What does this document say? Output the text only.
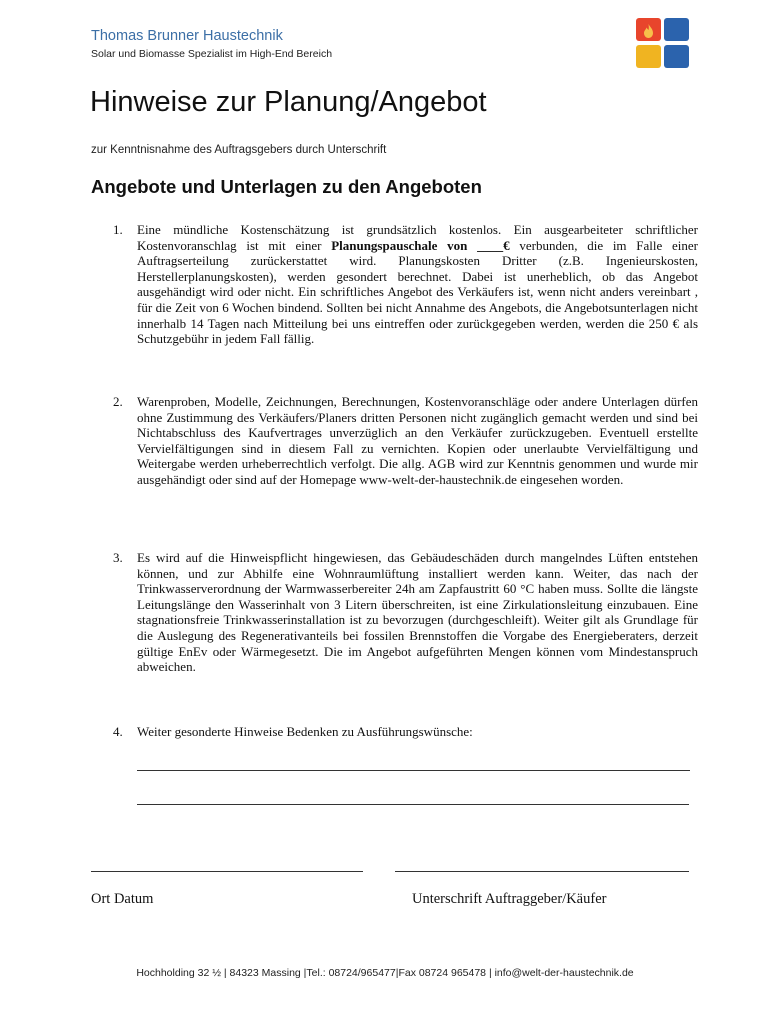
Thomas Brunner Haustechnik
Solar und Biomasse Spezialist im High-End Bereich
TBH
Hinweise zur Planung/Angebot
zur Kenntnisnahme des Auftragsgebers durch Unterschrift
Angebote und Unterlagen zu den Angeboten
1. Eine mündliche Kostenschätzung ist grundsätzlich kostenlos. Ein ausgearbeiteter schriftlicher Kostenvoranschlag ist mit einer Planungspauschale von ____€ verbunden, die im Falle einer Auftragserteilung zurückerstattet wird. Planungskosten Dritter (z.B. Ingenieurskosten, Herstellerplanungskosten), werden gesondert berechnet. Dabei ist unerheblich, ob das Angebot ausgehändigt wird oder nicht. Ein schriftliches Angebot des Verkäufers ist, wenn nicht anders vereinbart , für die Zeit von 6 Wochen bindend. Sollten bei nicht Annahme des Angebots, die Angebotsunterlagen nicht innerhalb 14 Tagen nach Mitteilung bei uns eintreffen oder zurückgegeben werden, werden die 250 € als Schutzgebühr in jedem Fall fällig.
2. Warenproben, Modelle, Zeichnungen, Berechnungen, Kostenvoranschläge oder andere Unterlagen dürfen ohne Zustimmung des Verkäufers/Planers dritten Personen nicht zugänglich gemacht werden und sind bei Nichtabschluss des Kaufvertrages unverzüglich an den Verkäufer zurückzugeben. Eventuell erstellte Vervielfältigungen sind in diesem Fall zu vernichten. Kopien oder unerlaubte Vervielfältigung und Weitergabe werden urheberrechtlich verfolgt. Die allg. AGB wird zur Kenntnis genommen und wurde mir ausgehändigt oder sind auf der Homepage www-welt-der-haustechnik.de eingesehen worden.
3. Es wird auf die Hinweispflicht hingewiesen, das Gebäudeschäden durch mangelndes Lüften entstehen können, und zur Abhilfe eine Wohnraumlüftung installiert werden kann. Weiter, das nach der Trinkwasserverordnung der Warmwasserbereiter 24h am Zapfaustritt 60 °C haben muss. Sollte die längste Leitungslänge den Wasserinhalt von 3 Litern überschreiten, ist eine Zirkulationsleitung einzubauen. Eine stagnationsfreie Trinkwasserinstallation ist zu bevorzugen (durchgeschleift). Weiter gilt als Grundlage für die Auslegung des Regenerativanteils bei fossilen Brennstoffen die Vorgabe des Energieberaters, derzeit gültige EnEv oder Wärmegesetzt. Die im Angebot aufgeführten Mengen können vom Mindestanspruch abweichen.
4. Weiter gesonderte Hinweise Bedenken zu Ausführungswünsche:
Ort Datum	Unterschrift Auftraggeber/Käufer
Hochholding 32 ½ | 84323 Massing |Tel.: 08724/965477|Fax 08724 965478 | info@welt-der-haustechnik.de
